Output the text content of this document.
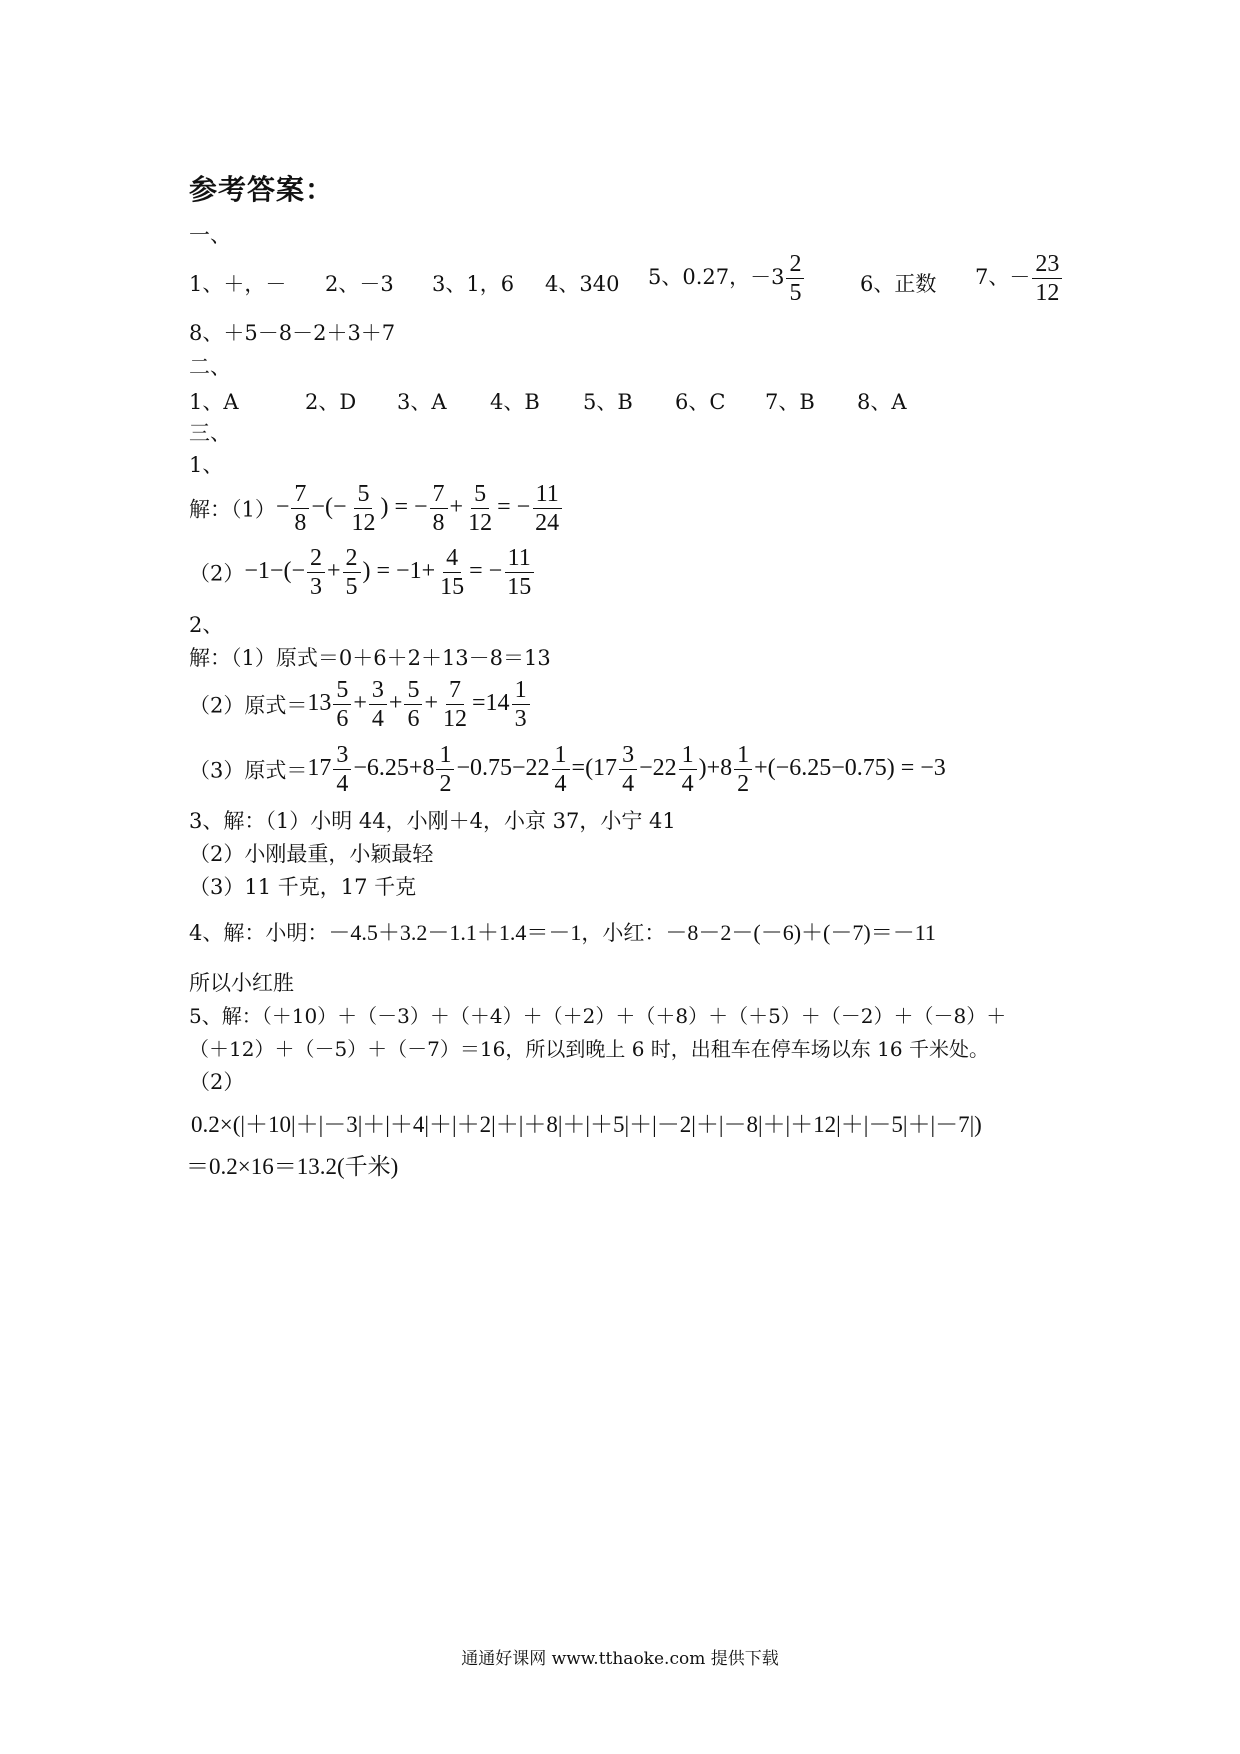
参考答案：
一、
1、＋，－ 2、－3 3、1，6 4、340 5、0.27，$-3 \frac{2}{5}$	6、正数 7、－ $\frac{23}{12}$
8、＋5－8－2＋3＋7
二、
1、A	2、D 3、A 4、B 5、B 6、C 7、B 8、A
三、
1、
解：$(1)- \frac{7}{8}$ −(− $\frac{5}{12}$ ) = − $\frac{7}{8} + \frac{5}{12}$ = − $\frac{11}{24}$
$(2)-1-(- \frac{2}{3} + \frac{2}{5}$ ) = $-1+ \frac{4}{15}$ = − $\frac{11}{15}$
2、
解：（1）原式＝0＋6＋2＋13－8＝13
（2）原式$=13 \frac{5}{6} + \frac{3}{4} + \frac{5}{6} + \frac{7}{12} =14 \frac{1}{3}$
（3）原式$=17 \frac{3}{4} -6.25+8 \frac{1}{2} -0.75-22 \frac{1}{4} =(17 \frac{3}{4} -22 \frac{1}{4} )+8 \frac{1}{2} +(-6.25-0.75) = -3$
3、解：（1）小明 44，小刚＋4，小京 37，小宁 41
（2）小刚最重，小颖最轻
（3）11 千克，17 千克
4、解：小明：－4.5＋3.2－1.1＋1.4＝－1，小红：－8－2－(－6)＋(－7)＝－11
所以小红胜
5、解：（＋10）＋（－3）＋（＋4）＋（＋2）＋（＋8）＋（＋5）＋（－2）＋（－8）＋
（＋12）＋（－5）＋（－7）＝16，所以到晚上 6 时，出租车在停车场以东 16 千米处。
（2）
0.2×(|＋10|＋|－3|＋|＋4|＋|＋2|＋|＋8|＋|＋5|＋|－2|＋|－8|＋|＋12|＋|－5|＋|－7|)
＝0.2×16＝13.2(千米)
通通好课网 www.tthaoke.com 提供下载
